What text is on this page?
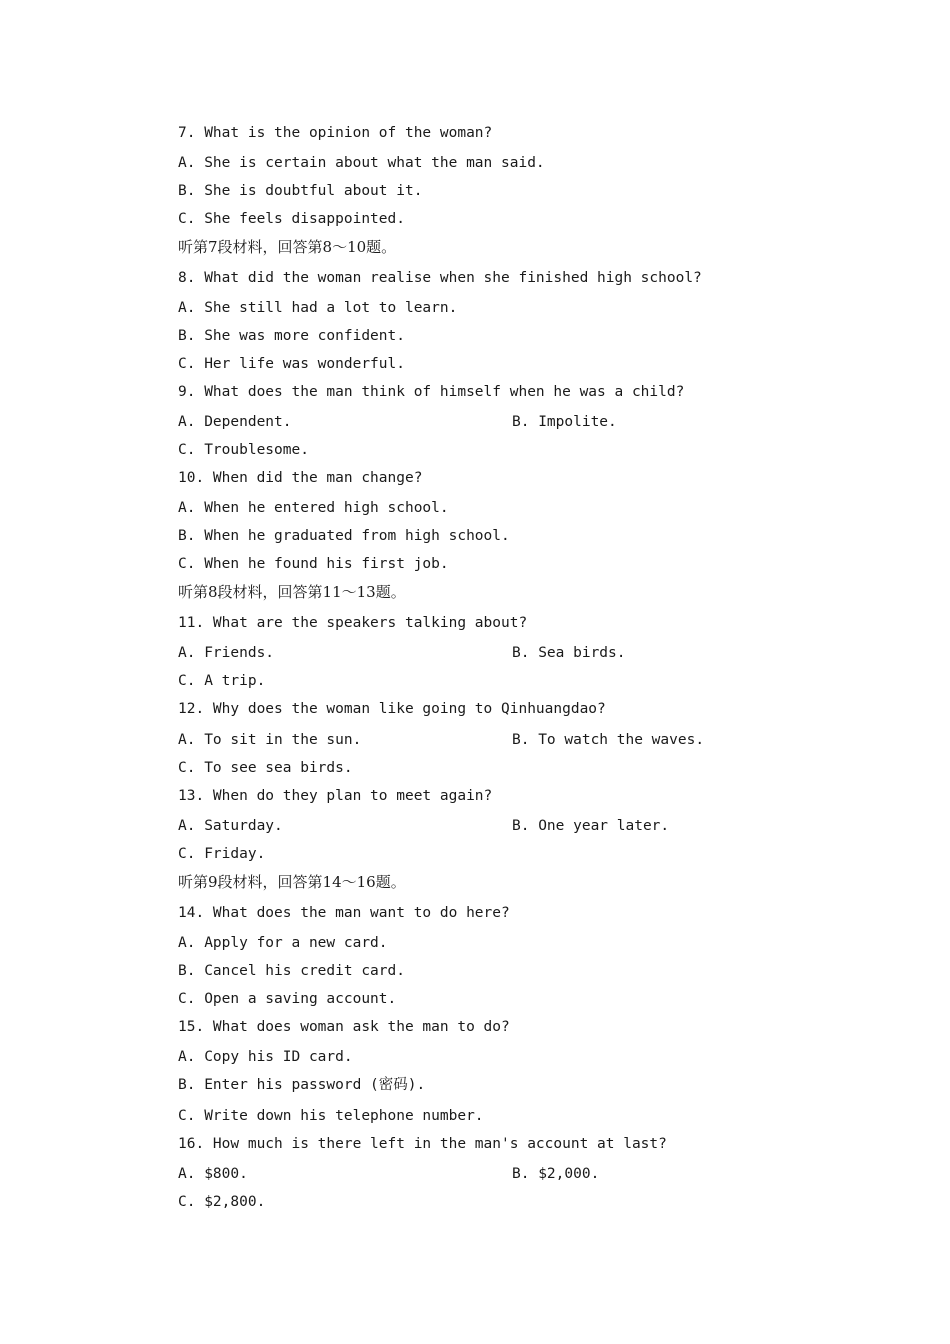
7. What is the opinion of the woman?
A. She is certain about what the man said.
B. She is doubtful about it.
C. She feels disappointed.
听第7段材料，回答第8～10题。
8. What did the woman realise when she finished high school?
A. She still had a lot to learn.
B. She was more confident.
C. Her life was wonderful.
9. What does the man think of himself when he was a child?
A. Dependent.	B. Impolite.
C. Troublesome.
10. When did the man change?
A. When he entered high school.
B. When he graduated from high school.
C. When he found his first job.
听第8段材料，回答第11～13题。
11. What are the speakers talking about?
A. Friends.	B. Sea birds.
C. A trip.
12. Why does the woman like going to Qinhuangdao?
A. To sit in the sun.	B. To watch the waves.
C. To see sea birds.
13. When do they plan to meet again?
A. Saturday.	B. One year later.
C. Friday.
听第9段材料，回答第14～16题。
14. What does the man want to do here?
A. Apply for a new card.
B. Cancel his credit card.
C. Open a saving account.
15. What does woman ask the man to do?
A. Copy his ID card.
B. Enter his password (密码).
C. Write down his telephone number.
16. How much is there left in the man's account at last?
A. $800.	B. $2,000.
C. $2,800.
